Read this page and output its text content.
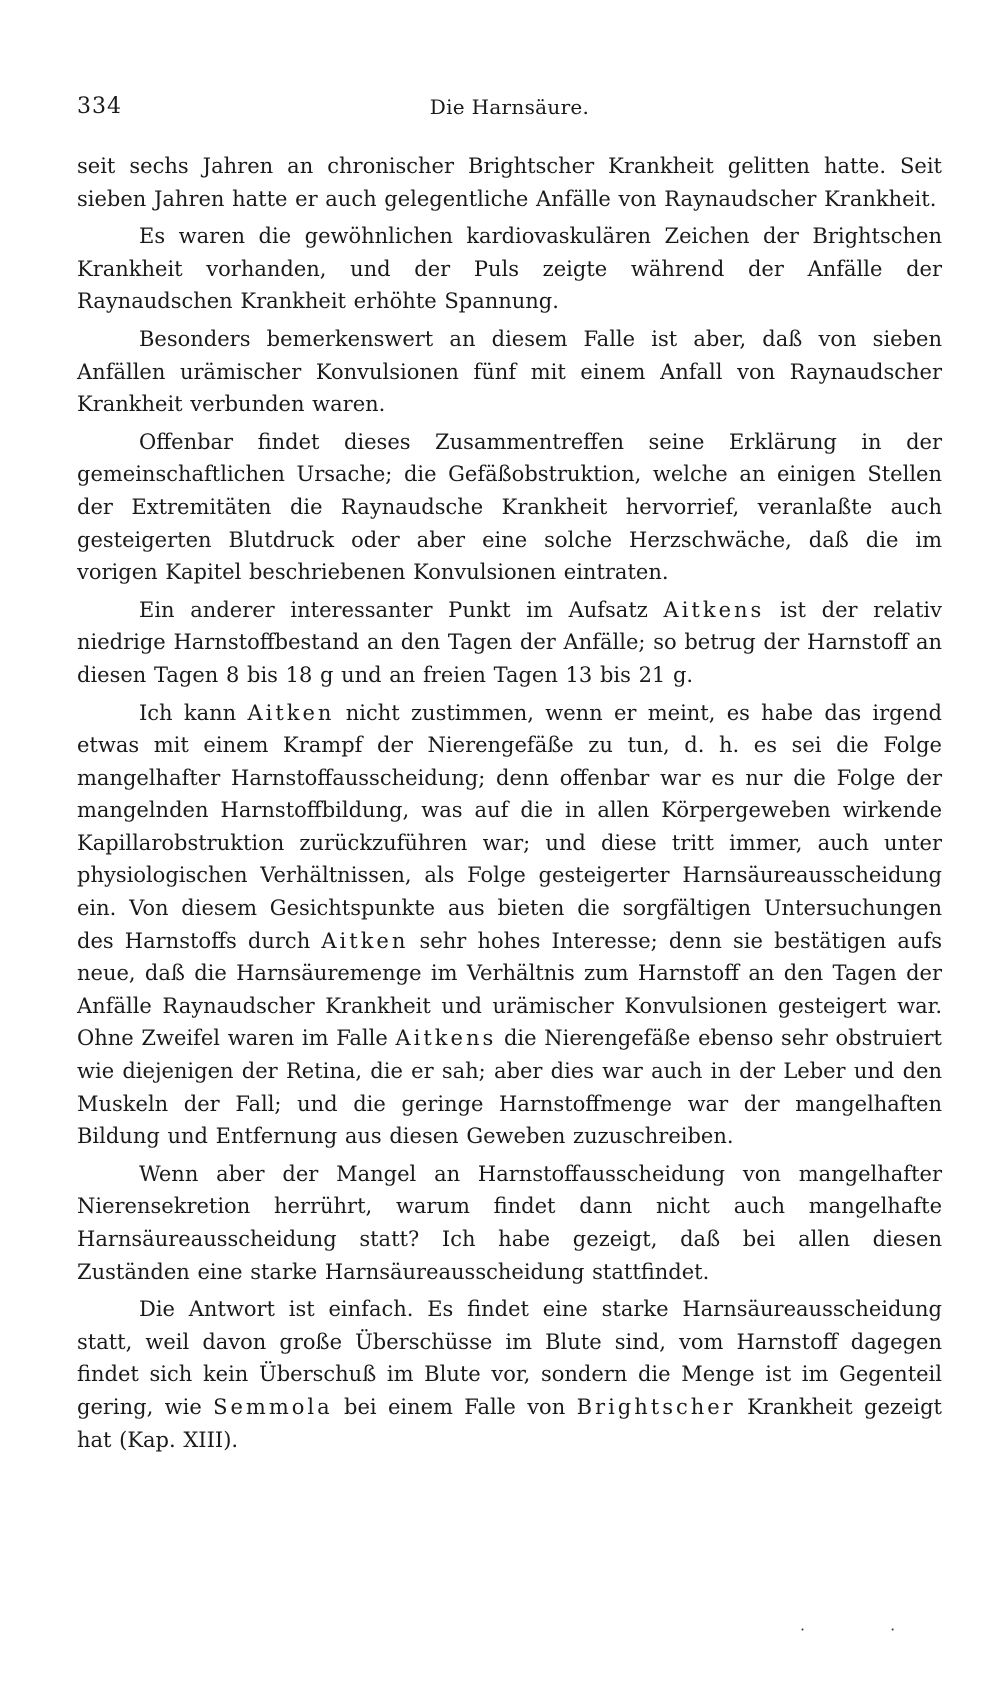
334	Die Harnsäure.

seit sechs Jahren an chronischer Brightscher Krankheit gelitten hatte. Seit sieben Jahren hatte er auch gelegentliche Anfälle von Raynaudscher Krankheit.

Es waren die gewöhnlichen kardiovaskulären Zeichen der Brightschen Krankheit vorhanden, und der Puls zeigte während der Anfälle der Raynaudschen Krankheit erhöhte Spannung.

Besonders bemerkenswert an diesem Falle ist aber, daß von sieben Anfällen urämischer Konvulsionen fünf mit einem Anfall von Raynaudscher Krankheit verbunden waren.

Offenbar findet dieses Zusammentreffen seine Erklärung in der gemeinschaftlichen Ursache; die Gefäßobstruktion, welche an einigen Stellen der Extremitäten die Raynaudsche Krankheit hervorrief, veranlaßte auch gesteigerten Blutdruck oder aber eine solche Herzschwäche, daß die im vorigen Kapitel beschriebenen Konvulsionen eintraten.

Ein anderer interessanter Punkt im Aufsatz Aitkens ist der relativ niedrige Harnstoffbestand an den Tagen der Anfälle; so betrug der Harnstoff an diesen Tagen 8 bis 18 g und an freien Tagen 13 bis 21 g.

Ich kann Aitken nicht zustimmen, wenn er meint, es habe das irgend etwas mit einem Krampf der Nierengefäße zu tun, d. h. es sei die Folge mangelhafter Harnstoffausscheidung; denn offenbar war es nur die Folge der mangelnden Harnstoffbildung, was auf die in allen Körpergeweben wirkende Kapillarobstruktion zurückzuführen war; und diese tritt immer, auch unter physiologischen Verhältnissen, als Folge gesteigerter Harnsäureausscheidung ein. Von diesem Gesichtspunkte aus bieten die sorgfältigen Untersuchungen des Harnstoffs durch Aitken sehr hohes Interesse; denn sie bestätigen aufs neue, daß die Harnsäuremenge im Verhältnis zum Harnstoff an den Tagen der Anfälle Raynaudscher Krankheit und urämischer Konvulsionen gesteigert war. Ohne Zweifel waren im Falle Aitkens die Nierengefäße ebenso sehr obstruiert wie diejenigen der Retina, die er sah; aber dies war auch in der Leber und den Muskeln der Fall; und die geringe Harnstoffmenge war der mangelhaften Bildung und Entfernung aus diesen Geweben zuzuschreiben.

Wenn aber der Mangel an Harnstoffausscheidung von mangelhafter Nierensekretion herrührt, warum findet dann nicht auch mangelhafte Harnsäureausscheidung statt? Ich habe gezeigt, daß bei allen diesen Zuständen eine starke Harnsäureausscheidung stattfindet.

Die Antwort ist einfach. Es findet eine starke Harnsäureausscheidung statt, weil davon große Überschüsse im Blute sind, vom Harnstoff dagegen findet sich kein Überschuß im Blute vor, sondern die Menge ist im Gegenteil gering, wie Semmola bei einem Falle von Brightscher Krankheit gezeigt hat (Kap. XIII).

· ·
